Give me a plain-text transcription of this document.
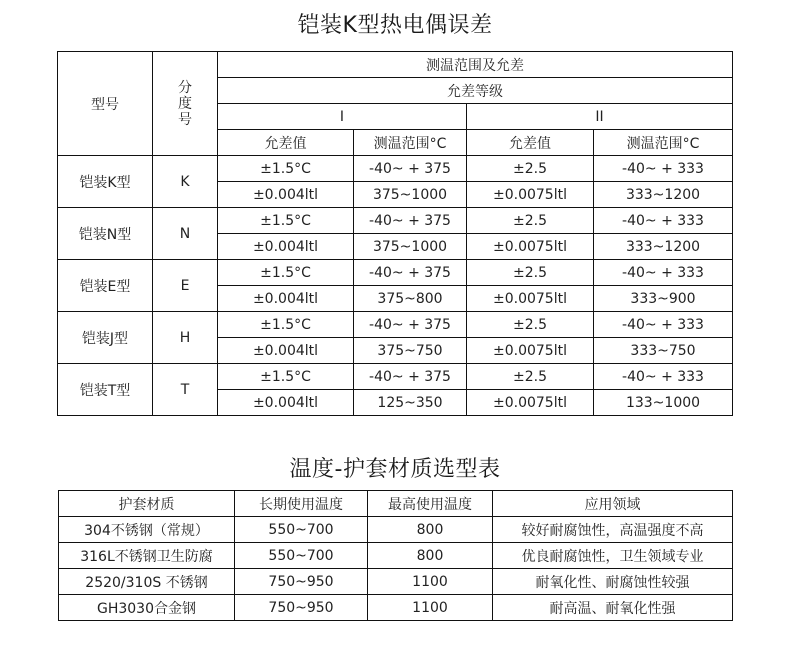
铠装K型热电偶误差
型号	分
度
号	测温范围及允差			
		允差等级			
		I		II	
		允差值	测温范围°C	允差值	测温范围°C
铠装K型	K	±1.5°C	-40~ + 375	±2.5	-40~ + 333
		±0.004ltl	375~1000	±0.0075ltl	333~1200
铠装N型	N	±1.5°C	-40~ + 375	±2.5	-40~ + 333
		±0.004ltl	375~1000	±0.0075ltl	333~1200
铠装E型	E	±1.5°C	-40~ + 375	±2.5	-40~ + 333
		±0.004ltl	375~800	±0.0075ltl	333~900
铠装J型	H	±1.5°C	-40~ + 375	±2.5	-40~ + 333
		±0.004ltl	375~750	±0.0075ltl	333~750
铠装T型	T	±1.5°C	-40~ + 375	±2.5	-40~ + 333
		±0.004ltl	125~350	±0.0075ltl	133~1000
温度-护套材质选型表
护套材质	长期使用温度	最高使用温度	应用领域
304不锈钢（常规）	550~700	800	较好耐腐蚀性，高温强度不高
316L不锈钢卫生防腐	550~700	800	优良耐腐蚀性，卫生领域专业
2520/310S 不锈钢	750~950	1100	耐氧化性、耐腐蚀性较强
GH3030合金钢	750~950	1100	耐高温、耐氧化性强
